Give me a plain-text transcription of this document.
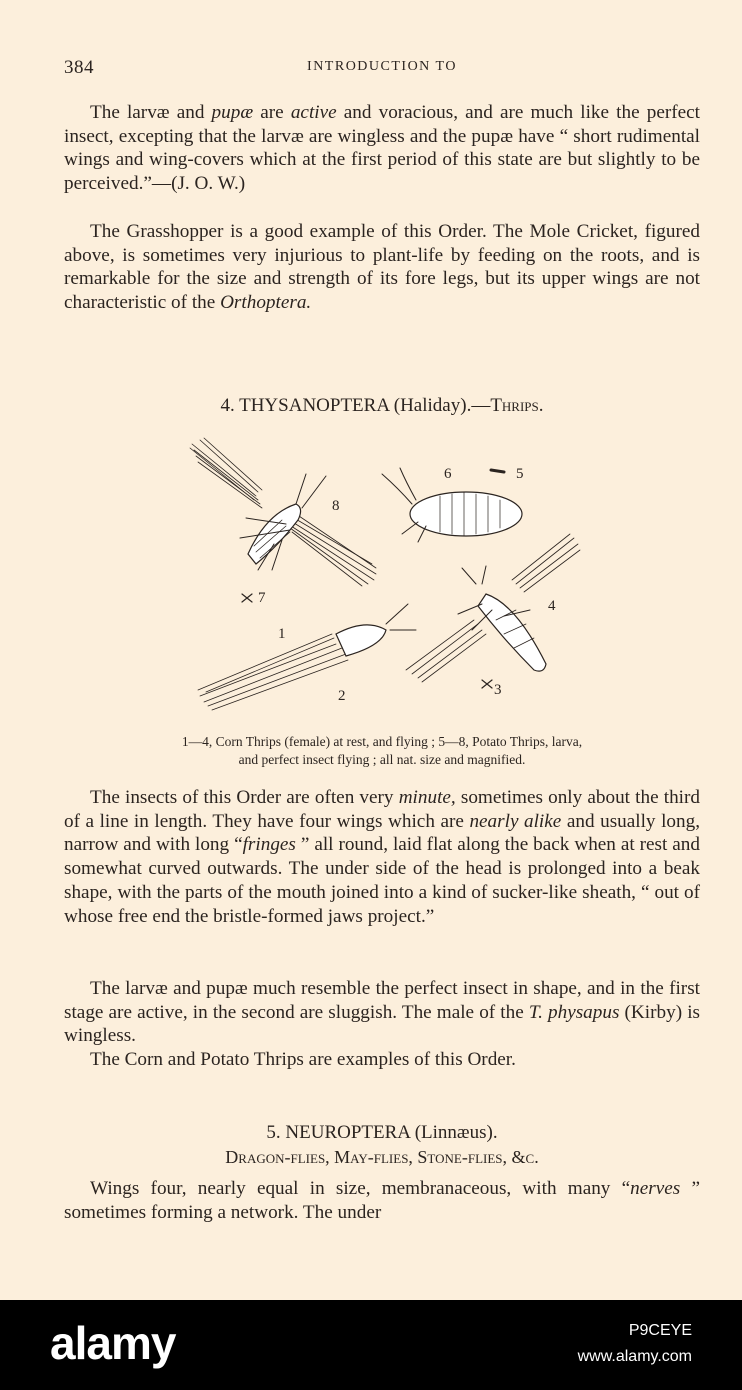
384	INTRODUCTION TO

The larvæ and pupæ are active and voracious, and are much like the perfect insect, excepting that the larvæ are wingless and the pupæ have “ short rudimental wings and wing-covers which at the first period of this state are but slightly to be perceived.”—(J. O. W.)

The Grasshopper is a good example of this Order. The Mole Cricket, figured above, is sometimes very injurious to plant-life by feeding on the roots, and is remarkable for the size and strength of its fore legs, but its upper wings are not characteristic of the Orthoptera.

4. THYSANOPTERA (Haliday).—Thrips.
1
2	3
4
5
6
7
8
1—4, Corn Thrips (female) at rest, and flying ; 5—8, Potato Thrips, larva,
and perfect insect flying ; all nat. size and magnified.

The insects of this Order are often very minute, sometimes only about the third of a line in length. They have four wings which are nearly alike and usually long, narrow and with long “fringes ” all round, laid flat along the back when at rest and somewhat curved outwards. The under side of the head is prolonged into a beak shape, with the parts of the mouth joined into a kind of sucker-like sheath, “ out of whose free end the bristle-formed jaws project.”

The larvæ and pupæ much resemble the perfect insect in shape, and in the first stage are active, in the second are sluggish. The male of the T. physapus (Kirby) is wingless.

The Corn and Potato Thrips are examples of this Order.

5. NEUROPTERA (Linnæus).
Dragon-flies, May-flies, Stone-flies, &c.

Wings four, nearly equal in size, membranaceous, with many “nerves ” sometimes forming a network. The under

alamy	P9CEYE
www.alamy.com
